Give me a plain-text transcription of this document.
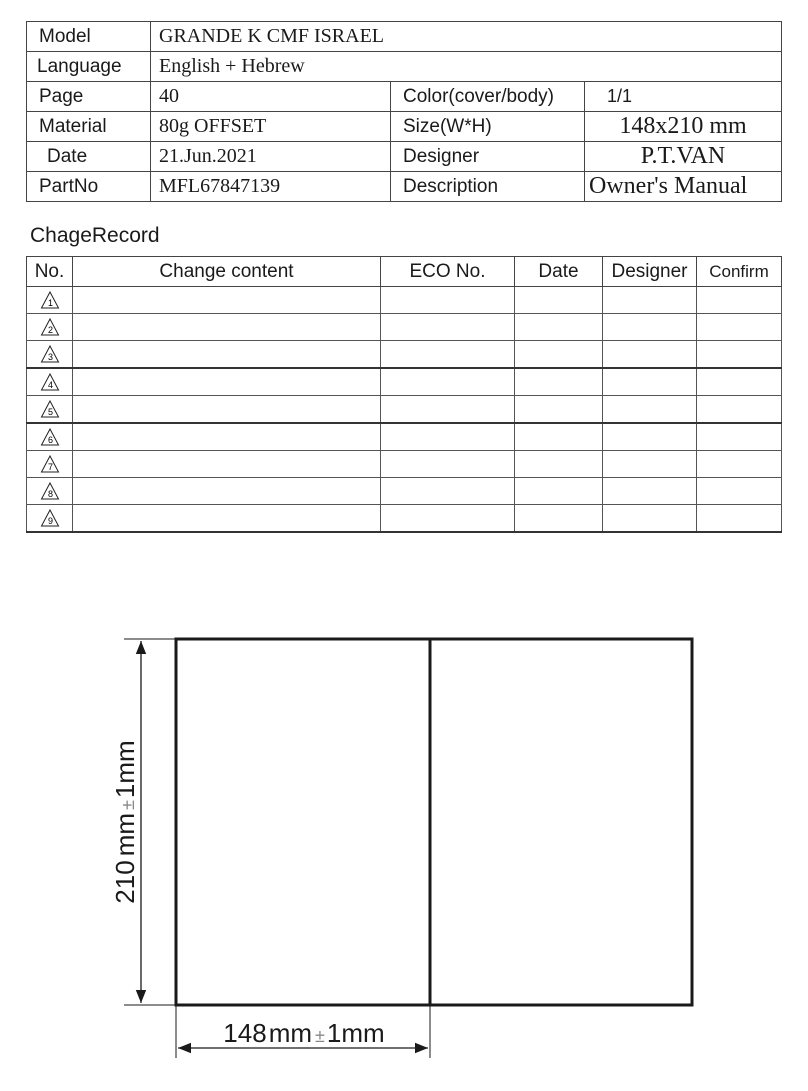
Model	GRANDE K CMF ISRAEL		
Language	English + Hebrew		
Page	40	Color(cover/body)	1/1
Material	80g OFFSET	Size(W*H)	148x210 mm
Date	21.Jun.2021	Designer	P.T.VAN
PartNo	MFL67847139	Description	Owner's Manual
ChageRecord
No.	Change content	ECO No.	Date	Designer	Confirm

1					

2					

3					

4					

5					

6					

7					

8					

9					

210mm±1mm
148mm ±1mm
